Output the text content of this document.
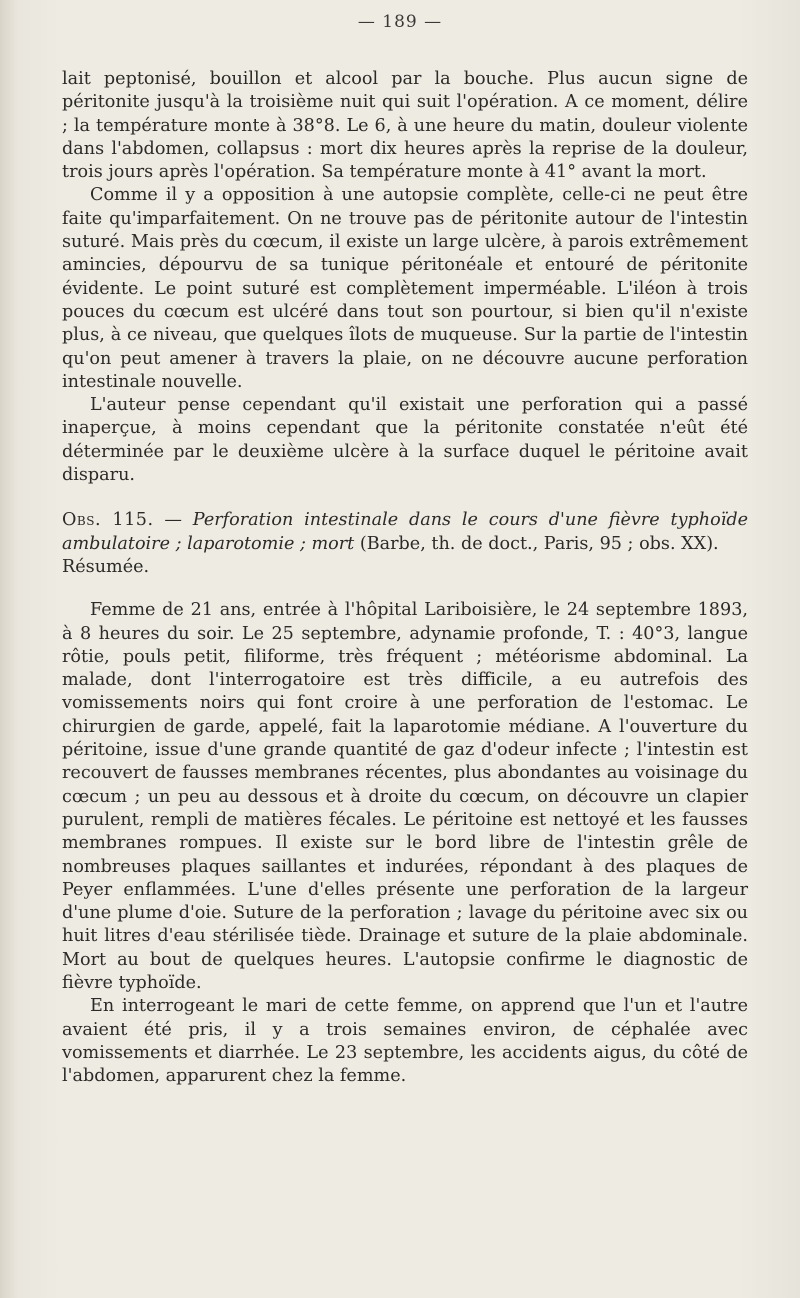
— 189 —

lait peptonisé, bouillon et alcool par la bouche. Plus aucun signe de péritonite jusqu'à la troisième nuit qui suit l'opération. A ce moment, délire ; la température monte à 38°8. Le 6, à une heure du matin, douleur violente dans l'abdomen, collapsus : mort dix heures après la reprise de la douleur, trois jours après l'opération. Sa température monte à 41° avant la mort.

Comme il y a opposition à une autopsie complète, celle-ci ne peut être faite qu'imparfaitement. On ne trouve pas de péritonite autour de l'intestin suturé. Mais près du cœcum, il existe un large ulcère, à parois extrêmement amincies, dépourvu de sa tunique péritonéale et entouré de péritonite évidente. Le point suturé est complètement imperméable. L'iléon à trois pouces du cœcum est ulcéré dans tout son pourtour, si bien qu'il n'existe plus, à ce niveau, que quelques îlots de muqueuse. Sur la partie de l'intestin qu'on peut amener à travers la plaie, on ne découvre aucune perforation intestinale nouvelle.

L'auteur pense cependant qu'il existait une perforation qui a passé inaperçue, à moins cependant que la péritonite constatée n'eût été déterminée par le deuxième ulcère à la surface duquel le péritoine avait disparu.

Obs. 115. — Perforation intestinale dans le cours d'une fièvre typhoïde ambulatoire ; laparotomie ; mort (Barbe, th. de doct., Paris, 95 ; obs. XX).

Résumée.

Femme de 21 ans, entrée à l'hôpital Lariboisière, le 24 septembre 1893, à 8 heures du soir. Le 25 septembre, adynamie profonde, T. : 40°3, langue rôtie, pouls petit, filiforme, très fréquent ; météorisme abdominal. La malade, dont l'interrogatoire est très difficile, a eu autrefois des vomissements noirs qui font croire à une perforation de l'estomac. Le chirurgien de garde, appelé, fait la laparotomie médiane. A l'ouverture du péritoine, issue d'une grande quantité de gaz d'odeur infecte ; l'intestin est recouvert de fausses membranes récentes, plus abondantes au voisinage du cœcum ; un peu au dessous et à droite du cœcum, on découvre un clapier purulent, rempli de matières fécales. Le péritoine est nettoyé et les fausses membranes rompues. Il existe sur le bord libre de l'intestin grêle de nombreuses plaques saillantes et indurées, répondant à des plaques de Peyer enflammées. L'une d'elles présente une perforation de la largeur d'une plume d'oie. Suture de la perforation ; lavage du péritoine avec six ou huit litres d'eau stérilisée tiède. Drainage et suture de la plaie abdominale. Mort au bout de quelques heures. L'autopsie confirme le diagnostic de fièvre typhoïde.

En interrogeant le mari de cette femme, on apprend que l'un et l'autre avaient été pris, il y a trois semaines environ, de céphalée avec vomissements et diarrhée. Le 23 septembre, les accidents aigus, du côté de l'abdomen, apparurent chez la femme.
